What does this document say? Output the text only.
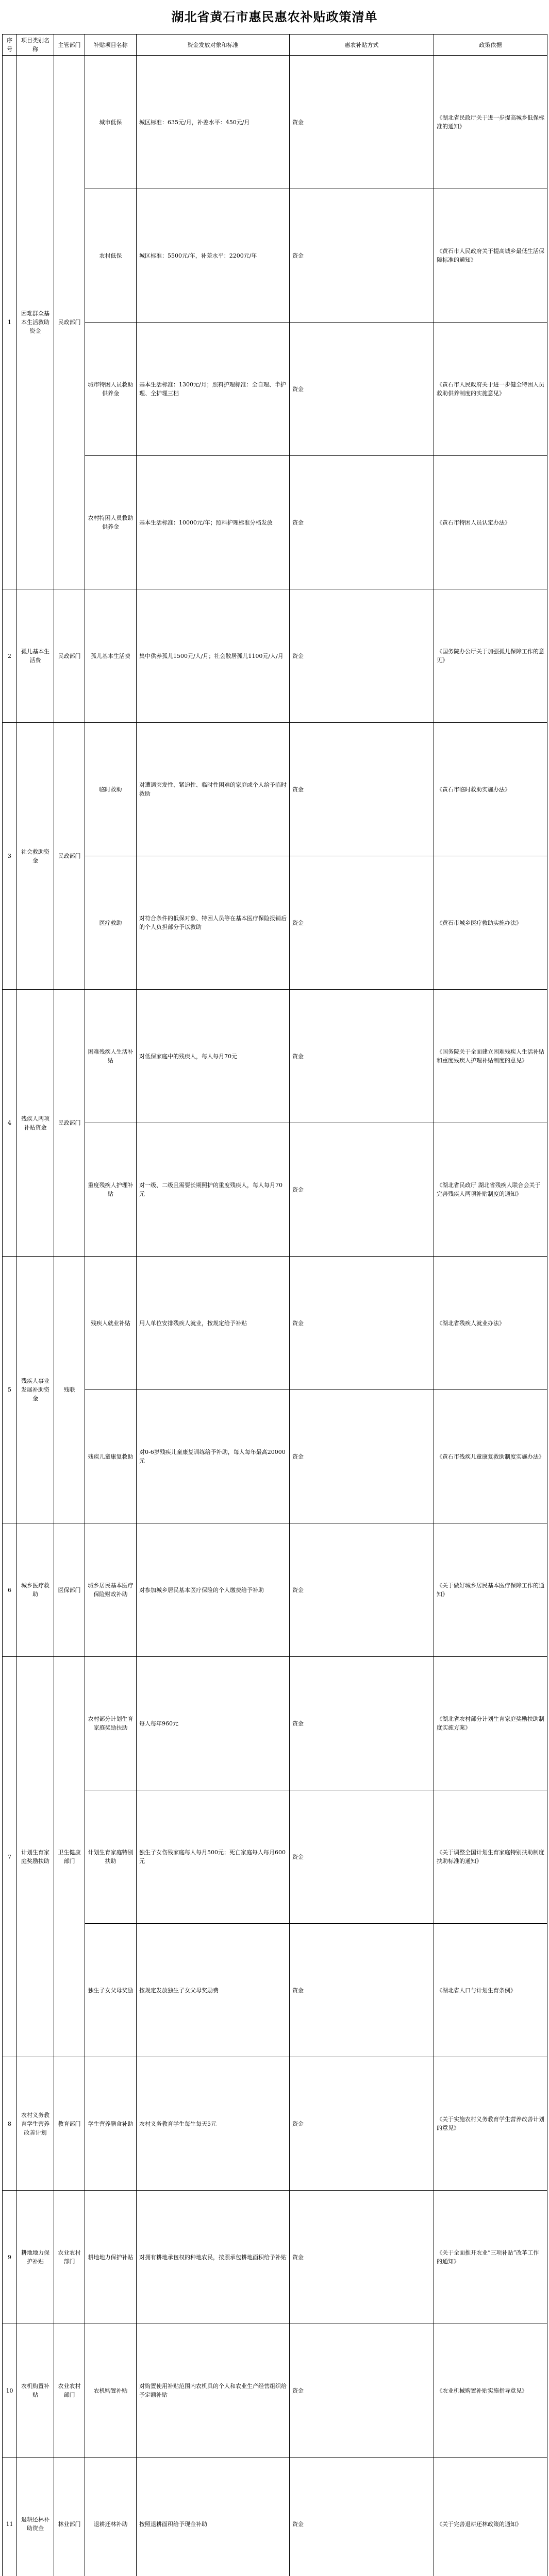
湖北省黄石市惠民惠农补贴政策清单
序号	项目类别名称	主管部门	补贴项目名称	资金发放对象和标准	惠农补贴方式	政策依据
1	困难群众基本生活救助资金	民政部门	城市低保	城区标准：635元/月，补差水平：450元/月	资金	《湖北省民政厅关于进一步提高城乡低保标准的通知》
			农村低保	城区标准：5500元/年，补差水平：2200元/年	资金	《黄石市人民政府关于提高城乡最低生活保障标准的通知》
			城市特困人员救助供养金	基本生活标准：1300元/月；照料护理标准：全自理、半护理、全护理三档	资金	《黄石市人民政府关于进一步健全特困人员救助供养制度的实施意见》
			农村特困人员救助供养金	基本生活标准：10000元/年；照料护理标准分档发放	资金	《黄石市特困人员认定办法》
2	孤儿基本生活费	民政部门	孤儿基本生活费	集中供养孤儿1500元/人/月；社会散居孤儿1100元/人/月	资金	《国务院办公厅关于加强孤儿保障工作的意见》
3	社会救助资金	民政部门	临时救助	对遭遇突发性、紧迫性、临时性困难的家庭或个人给予临时救助	资金	《黄石市临时救助实施办法》
			医疗救助	对符合条件的低保对象、特困人员等在基本医疗保险报销后的个人负担部分予以救助	资金	《黄石市城乡医疗救助实施办法》
4	残疾人两项补贴资金	民政部门	困难残疾人生活补贴	对低保家庭中的残疾人，每人每月70元	资金	《国务院关于全面建立困难残疾人生活补贴和重度残疾人护理补贴制度的意见》
			重度残疾人护理补贴	对一级、二级且需要长期照护的重度残疾人，每人每月70元	资金	《湖北省民政厅 湖北省残疾人联合会关于完善残疾人两项补贴制度的通知》
5	残疾人事业发展补助资金	残联	残疾人就业补贴	用人单位安排残疾人就业，按规定给予补贴	资金	《湖北省残疾人就业办法》
			残疾儿童康复救助	对0-6岁残疾儿童康复训练给予补助，每人每年最高20000元	资金	《黄石市残疾儿童康复救助制度实施办法》
6	城乡医疗救助	医保部门	城乡居民基本医疗保险财政补助	对参加城乡居民基本医疗保险的个人缴费给予补助	资金	《关于做好城乡居民基本医疗保障工作的通知》
7	计划生育家庭奖励扶助	卫生健康部门	农村部分计划生育家庭奖励扶助	每人每年960元	资金	《湖北省农村部分计划生育家庭奖励扶助制度实施方案》
			计划生育家庭特别扶助	独生子女伤残家庭每人每月500元；死亡家庭每人每月600元	资金	《关于调整全国计划生育家庭特别扶助制度扶助标准的通知》
			独生子女父母奖励	按规定发放独生子女父母奖励费	资金	《湖北省人口与计划生育条例》
8	农村义务教育学生营养改善计划	教育部门	学生营养膳食补助	农村义务教育学生每生每天5元	资金	《关于实施农村义务教育学生营养改善计划的意见》
9	耕地地力保护补贴	农业农村部门	耕地地力保护补贴	对拥有耕地承包权的种地农民，按照承包耕地面积给予补贴	资金	《关于全面推开农业“三项补贴”改革工作的通知》
10	农机购置补贴	农业农村部门	农机购置补贴	对购置使用补贴范围内农机具的个人和农业生产经营组织给予定额补贴	资金	《农业机械购置补贴实施指导意见》
11	退耕还林补助资金	林业部门	退耕还林补助	按照退耕面积给予现金补助	资金	《关于完善退耕还林政策的通知》
